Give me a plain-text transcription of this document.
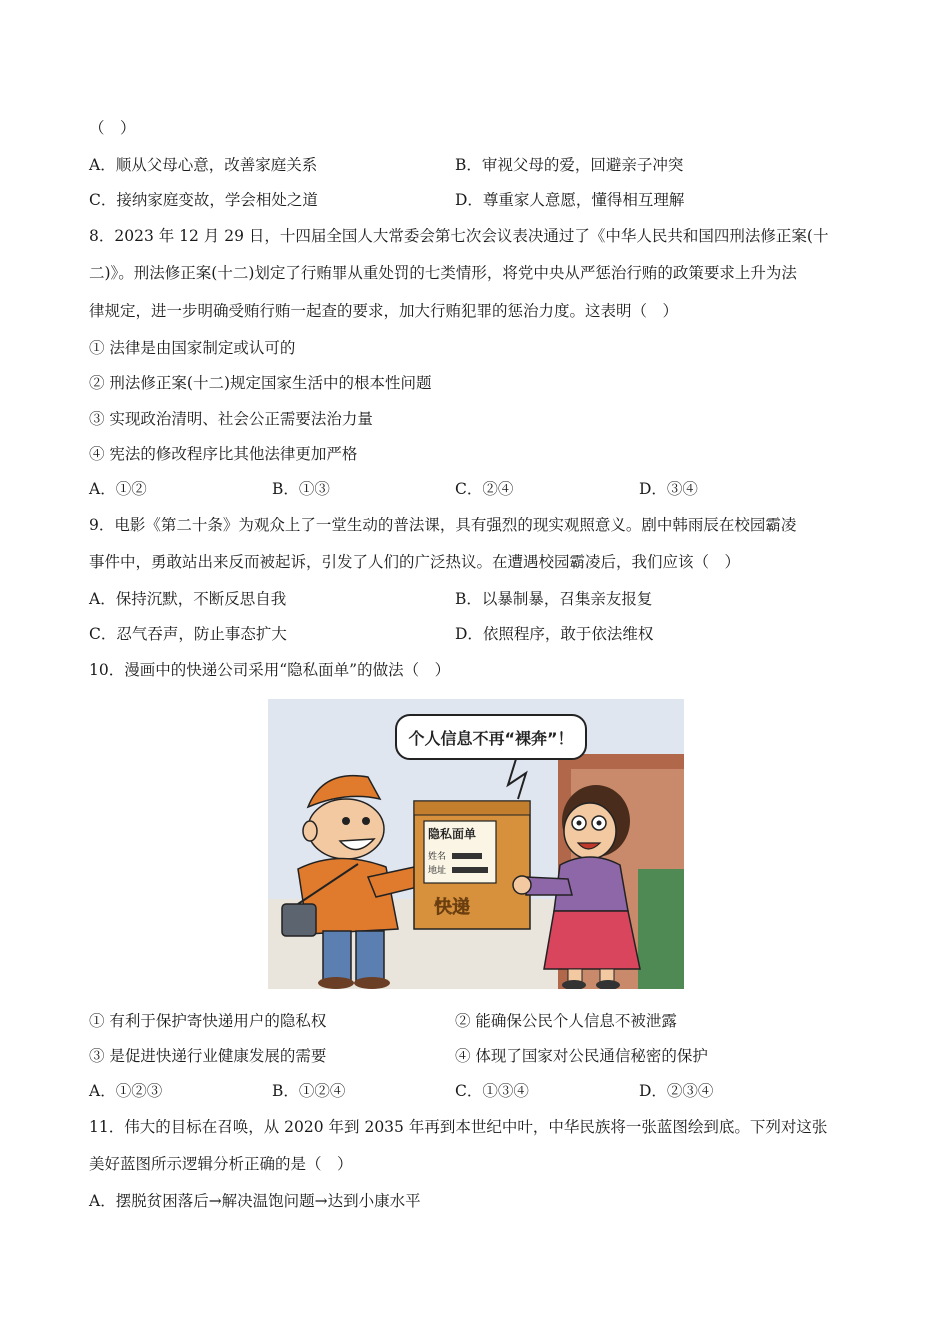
（　）
A．顺从父母心意，改善家庭关系	B．审视父母的爱，回避亲子冲突
C．接纳家庭变故，学会相处之道	D．尊重家人意愿，懂得相互理解
8．2023 年 12 月 29 日，十四届全国人大常委会第七次会议表决通过了《中华人民共和国四刑法修正案(十
二)》。刑法修正案(十二)划定了行贿罪从重处罚的七类情形，将党中央从严惩治行贿的政策要求上升为法
律规定，进一步明确受贿行贿一起查的要求，加大行贿犯罪的惩治力度。这表明（　）
① 法律是由国家制定或认可的
② 刑法修正案(十二)规定国家生活中的根本性问题
③ 实现政治清明、社会公正需要法治力量
④ 宪法的修改程序比其他法律更加严格
A．①②	B．①③	C．②④	D．③④
9．电影《第二十条》为观众上了一堂生动的普法课，具有强烈的现实观照意义。剧中韩雨辰在校园霸凌
事件中，勇敢站出来反而被起诉，引发了人们的广泛热议。在遭遇校园霸凌后，我们应该（　）
A．保持沉默，不断反思自我	B．以暴制暴，召集亲友报复
C．忍气吞声，防止事态扩大	D．依照程序，敢于依法维权
10．漫画中的快递公司采用“隐私面单”的做法（　）
个人信息不再“裸奔”！
隐私面单
姓名
地址
快递
① 有利于保护寄快递用户的隐私权	② 能确保公民个人信息不被泄露
③ 是促进快递行业健康发展的需要	④ 体现了国家对公民通信秘密的保护
A．①②③	B．①②④	C．①③④	D．②③④
11．伟大的目标在召唤，从 2020 年到 2035 年再到本世纪中叶，中华民族将一张蓝图绘到底。下列对这张
美好蓝图所示逻辑分析正确的是（　）
A．摆脱贫困落后→解决温饱问题→达到小康水平
